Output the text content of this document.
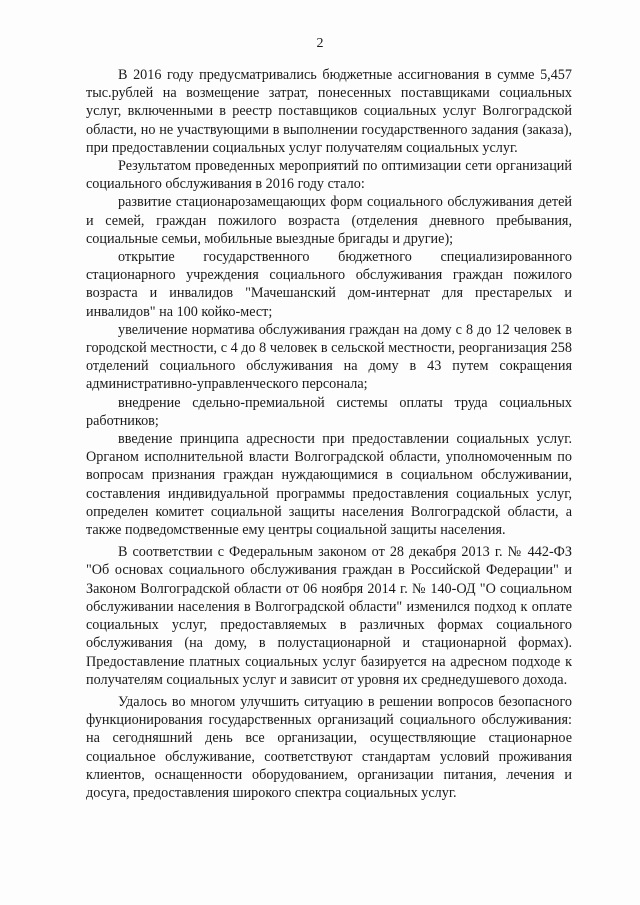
2

В 2016 году предусматривались бюджетные ассигнования в сумме 5,457 тыс.рублей на возмещение затрат, понесенных поставщиками социальных услуг, включенными в реестр поставщиков социальных услуг Волгоградской области, но не участвующими в выполнении государственного задания (заказа), при предоставлении социальных услуг получателям социальных услуг.

Результатом проведенных мероприятий по оптимизации сети организаций социального обслуживания в 2016 году стало:

развитие стационарозамещающих форм социального обслуживания детей и семей, граждан пожилого возраста (отделения дневного пребывания, социальные семьи, мобильные выездные бригады и другие);

открытие государственного бюджетного специализированного стационарного учреждения социального обслуживания граждан пожилого возраста и инвалидов "Мачешанский дом-интернат для престарелых и инвалидов" на 100 койко-мест;

увеличение норматива обслуживания граждан на дому с 8 до 12 человек в городской местности, с 4 до 8 человек в сельской местности, реорганизация 258 отделений социального обслуживания на дому в 43 путем сокращения административно-управленческого персонала;

внедрение сдельно-премиальной системы оплаты труда социальных работников;

введение принципа адресности при предоставлении социальных услуг. Органом исполнительной власти Волгоградской области, уполномоченным по вопросам признания граждан нуждающимися в социальном обслуживании, составления индивидуальной программы предоставления социальных услуг, определен комитет социальной защиты населения Волгоградской области, а также подведомственные ему центры социальной защиты населения.

В соответствии с Федеральным законом от 28 декабря 2013 г. № 442-ФЗ "Об основах социального обслуживания граждан в Российской Федерации" и Законом Волгоградской области от 06 ноября 2014 г. № 140-ОД "О социальном обслуживании населения в Волгоградской области" изменился подход к оплате социальных услуг, предоставляемых в различных формах социального обслуживания (на дому, в полустационарной и стационарной формах). Предоставление платных социальных услуг базируется на адресном подходе к получателям социальных услуг и зависит от уровня их среднедушевого дохода.

Удалось во многом улучшить ситуацию в решении вопросов безопасного функционирования государственных организаций социального обслуживания: на сегодняшний день все организации, осуществляющие стационарное социальное обслуживание, соответствуют стандартам условий проживания клиентов, оснащенности оборудованием, организации питания, лечения и досуга, предоставления широкого спектра социальных услуг.
